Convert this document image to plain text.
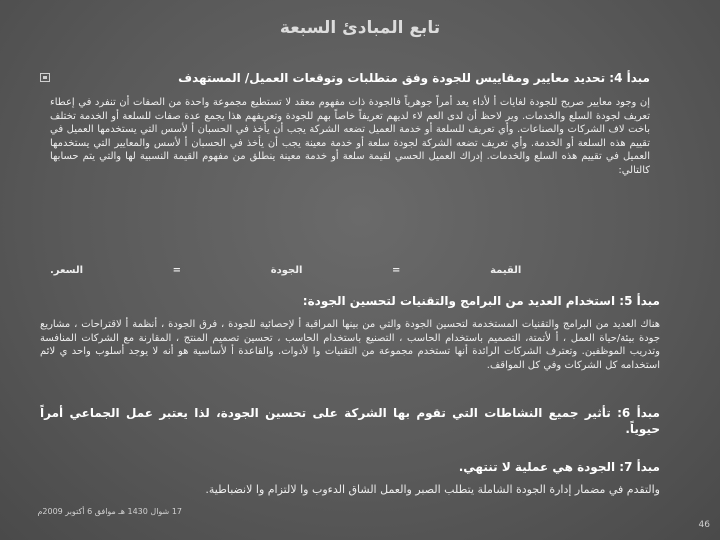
تابع المبادئ السبعة
مبدأ 4: تحديد معايير ومقاييس للجودة وفق متطلبات وتوقعات العميل/ المستهدف
إن وجود معايير صريح للجودة لغايات أ لأداء يعد أمراً جوهرياً فالجودة ذات مفهوم معقد لا تستطيع مجموعة واحدة من الصفات أن تنفرد في إعطاء تعريف لجودة السلع والخدمات. وير لاحظ أن لدى العم لاء لديهم تعريفاً خاصاً بهم للجودة وتعريفهم هذا يجمع عدة صفات للسلعة أو الخدمة تختلف باخت لاف الشركات والصناعات. وأي تعريف للسلعة أو خدمة العميل تضعه الشركة يجب أن يأخذ في الحسبان أ لأسس التي يستخدمها العميل في تقييم هذه السلعة أو الخدمة. وأي تعريف تضعه الشركة لجودة سلعة أو خدمة معينة يجب أن يأخذ في الحسبان أ لأسس والمعايير التي يستخدمها العميل في تقييم هذه السلع والخدمات. إدراك العميل الحسي لقيمة سلعة أو خدمة معينة ينطلق من مفهوم القيمة النسبية لها والتي يتم حسابها كالتالي:
القيمة
=
الجودة
=
السعر.
مبدأ 5: استخدام العديد من البرامج والتقنيات لتحسين الجودة:
هناك العديد من البرامج والتقنيات المستخدمة لتحسين الجودة والتي من بينها المراقبة أ لإحصائية للجودة ، فرق الجودة ، أنظمة أ لاقتراحات ، مشاريع جودة بيئة/حياة العمل ، أ لأتمتة، التصميم باستخدام الحاسب ، التصنيع باستخدام الحاسب ، تحسين تصميم المنتج ، المقارنة مع الشركات المنافسة وتدريب الموظفين. وتعترف الشركات الرائدة أنها تستخدم مجموعة من التقنيات وا لأدوات. والقاعدة أ لأساسية هو أنه لا يوجد أسلوب واحد ي لائم استخدامه كل الشركات وفي كل المواقف.
مبدأ 6: تأثير جميع النشاطات التي تقوم بها الشركة على تحسين الجودة، لذا يعتبر عمل الجماعي أمراً حيوياً.
مبدأ 7: الجودة هي عملية لا تنتهي.
والتقدم في مضمار إدارة الجودة الشاملة يتطلب الصبر والعمل الشاق الدءوب وا لالتزام وا لانضباطية.
17 شوال 1430 هـ موافق 6 أكتوبر 2009م
46
